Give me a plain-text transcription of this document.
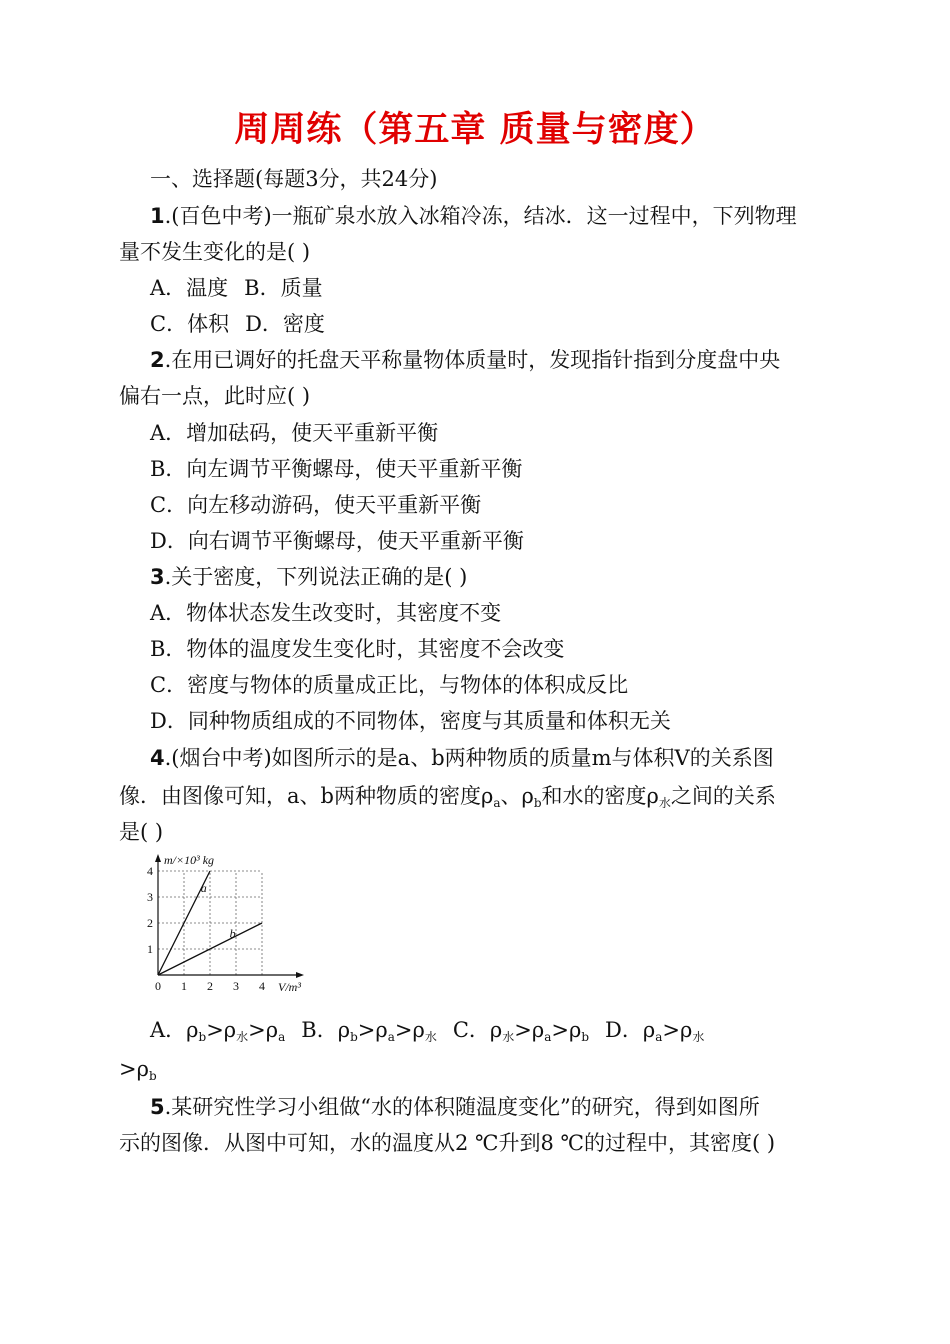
周周练（第五章 质量与密度）
一、选择题(每题3分，共24分)
1.(百色中考)一瓶矿泉水放入冰箱冷冻，结冰．这一过程中，下列物理
量不发生变化的是( )
A．温度 B．质量
C．体积 D．密度
2.在用已调好的托盘天平称量物体质量时，发现指针指到分度盘中央
偏右一点，此时应( )
A．增加砝码，使天平重新平衡
B．向左调节平衡螺母，使天平重新平衡
C．向左移动游码，使天平重新平衡
D．向右调节平衡螺母，使天平重新平衡
3.关于密度，下列说法正确的是( )
A．物体状态发生改变时，其密度不变
B．物体的温度发生变化时，其密度不会改变
C．密度与物体的质量成正比，与物体的体积成反比
D．同种物质组成的不同物体，密度与其质量和体积无关
4.(烟台中考)如图所示的是a、b两种物质的质量m与体积V的关系图
像．由图像可知，a、b两种物质的密度ρa、ρb和水的密度ρ水之间的关系
是( )
0 1 2 3 4
1
2
3
4
m/×10³ kg
V/m³
a
b
A．ρb>ρ水>ρa B．ρb>ρa>ρ水 C．ρ水>ρa>ρb D．ρa>ρ水
>ρb
5.某研究性学习小组做“水的体积随温度变化”的研究，得到如图所
示的图像．从图中可知，水的温度从2 ℃升到8 ℃的过程中，其密度( )
